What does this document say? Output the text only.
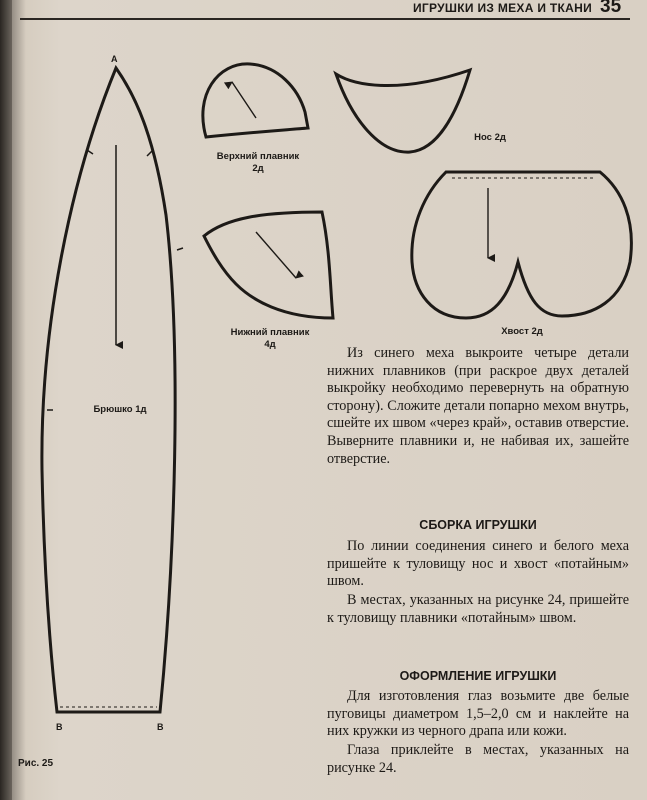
ИГРУШКИ ИЗ МЕХА И ТКАНИ 35
А
В	В
Брюшко 1д
Верхний плавник
2д
Нижний плавник
4д
Нос 2д
Хвост 2д
Рис. 25
Из синего меха выкроите четыре детали нижних плавников (при раскрое двух деталей выкройку необходимо перевернуть на обратную сторону). Сложите детали попарно мехом внутрь, сшейте их швом «через край», оставив отверстие. Выверните плавники и, не набивая их, зашейте отверстие.
СБОРКА ИГРУШКИ
По линии соединения синего и белого меха пришейте к туловищу нос и хвост «потайным» швом.
В местах, указанных на рисунке 24, пришейте к туловищу плавники «потайным» швом.
ОФОРМЛЕНИЕ ИГРУШКИ
Для изготовления глаз возьмите две белые пуговицы диаметром 1,5–2,0 см и наклейте на них кружки из черного драпа или кожи.
Глаза приклейте в местах, указанных на рисунке 24.
